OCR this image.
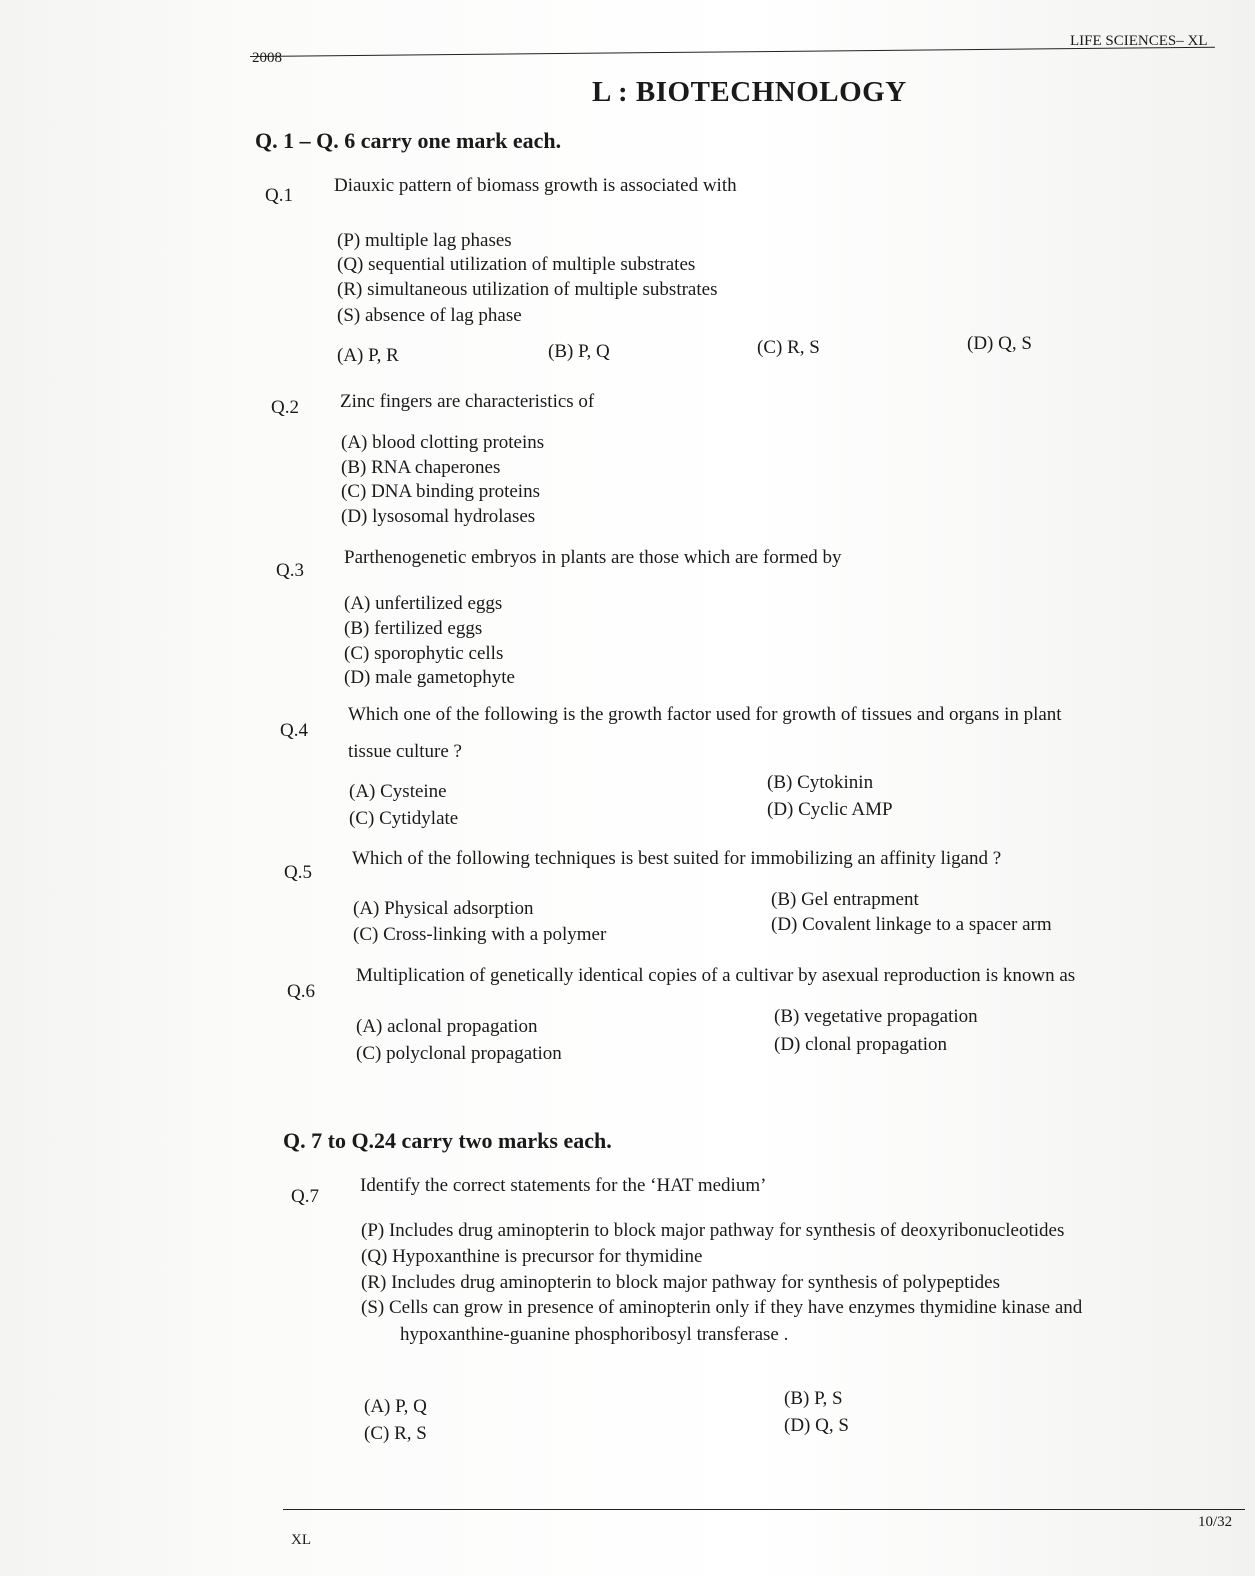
2008
LIFE SCIENCES– XL
L : BIOTECHNOLOGY
Q. 1 – Q. 6 carry one mark each.
Q.1 Diauxic pattern of biomass growth is associated with
(P) multiple lag phases
(Q) sequential utilization of multiple substrates
(R) simultaneous utilization of multiple substrates
(S) absence of lag phase
(A) P, R	(B) P, Q	(C) R, S	(D) Q, S
Q.2 Zinc fingers are characteristics of
(A) blood clotting proteins
(B) RNA chaperones
(C) DNA binding proteins
(D) lysosomal hydrolases
Q.3
Parthenogenetic embryos in plants are those which are formed by
(A) unfertilized eggs
(B) fertilized eggs
(C) sporophytic cells
(D) male gametophyte
Q.4
Which one of the following is the growth factor used for growth of tissues and organs in plant
tissue culture ?
(A) Cysteine	(B) Cytokinin
(C) Cytidylate	(D) Cyclic AMP
Q.5
Which of the following techniques is best suited for immobilizing an affinity ligand ?
(A) Physical adsorption	(B) Gel entrapment
(C) Cross-linking with a polymer	(D) Covalent linkage to a spacer arm
Q.6
Multiplication of genetically identical copies of a cultivar by asexual reproduction is known as
(A) aclonal propagation	(B) vegetative propagation
(C) polyclonal propagation	(D) clonal propagation
Q. 7 to Q.24 carry two marks each.
Q.7
Identify the correct statements for the ‘HAT medium’
(P) Includes drug aminopterin to block major pathway for synthesis of deoxyribonucleotides
(Q) Hypoxanthine is precursor for thymidine
(R) Includes drug aminopterin to block major pathway for synthesis of polypeptides
(S) Cells can grow in presence of aminopterin only if they have enzymes thymidine kinase and
hypoxanthine-guanine phosphoribosyl transferase .
(A) P, Q	(B) P, S
(C) R, S	(D) Q, S
XL
10/32
